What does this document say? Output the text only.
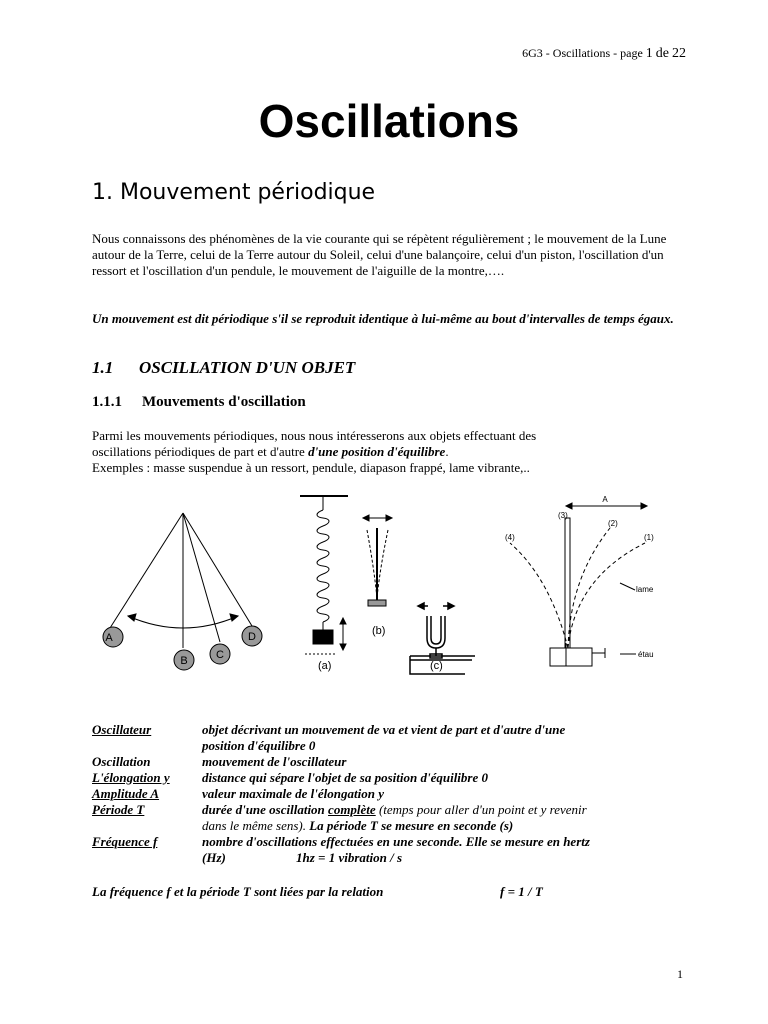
6G3 - Oscillations - page 1 de 22
Oscillations
1. Mouvement périodique
Nous connaissons des phénomènes de la vie courante qui se répètent régulièrement ; le mouvement de la Lune autour de la Terre, celui de la Terre autour du Soleil, celui d'une balançoire, celui d'un piston, l'oscillation d'un ressort et l'oscillation d'un pendule, le mouvement de l'aiguille de la montre,….
Un mouvement est dit périodique s'il se reproduit identique à lui-même au bout d'intervalles de temps égaux.
1.1 OSCILLATION D'UN OBJET
1.1.1 Mouvements d'oscillation
Parmi les mouvements périodiques, nous nous intéresserons aux objets effectuant des
oscillations périodiques de part et d'autre d'une position d'équilibre.
Exemples : masse suspendue à un ressort, pendule, diapason frappé, lame vibrante,..
A
B	C
D
(a)
(b)
(c)
A
(3)
(2)
(1)
(4)
lame
étau
Oscillateur	objet décrivant un mouvement de va et vient de part et d'autre d'une
position d'équilibre 0
Oscillation	mouvement de l'oscillateur
L'élongation y	distance qui sépare l'objet de sa position d'équilibre 0
Amplitude A	valeur maximale de l'élongation y
Période T	durée d'une oscillation complète (temps pour aller d'un point et y revenir
dans le même sens). La période T se mesure en seconde (s)
Fréquence f	nombre d'oscillations effectuées en une seconde. Elle se mesure en hertz
(Hz)	1hz = 1 vibration / s
La fréquence f et la période T sont liées par la relation	f = 1 / T
1
